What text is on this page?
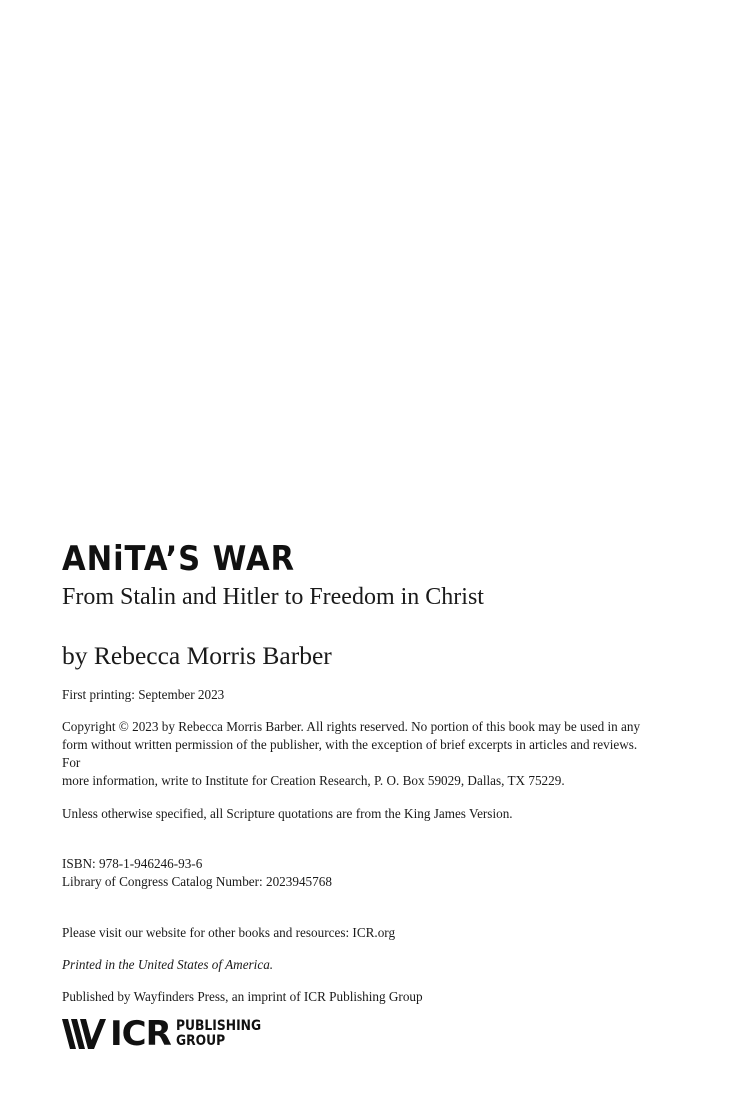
ANiTA’S WAR

From Stalin and Hitler to Freedom in Christ

by Rebecca Morris Barber

First printing: September 2023

Copyright © 2023 by Rebecca Morris Barber. All rights reserved. No portion of this book may be used in any

form without written permission of the publisher, with the exception of brief excerpts in articles and reviews. For

more information, write to Institute for Creation Research, P. O. Box 59029, Dallas, TX 75229.

Unless otherwise specified, all Scripture quotations are from the King James Version.

ISBN: 978-1-946246-93-6

Library of Congress Catalog Number: 2023945768

Please visit our website for other books and resources: ICR.org

Printed in the United States of America.

Published by Wayfinders Press, an imprint of ICR Publishing Group

ICR PUBLISHING
GROUP
